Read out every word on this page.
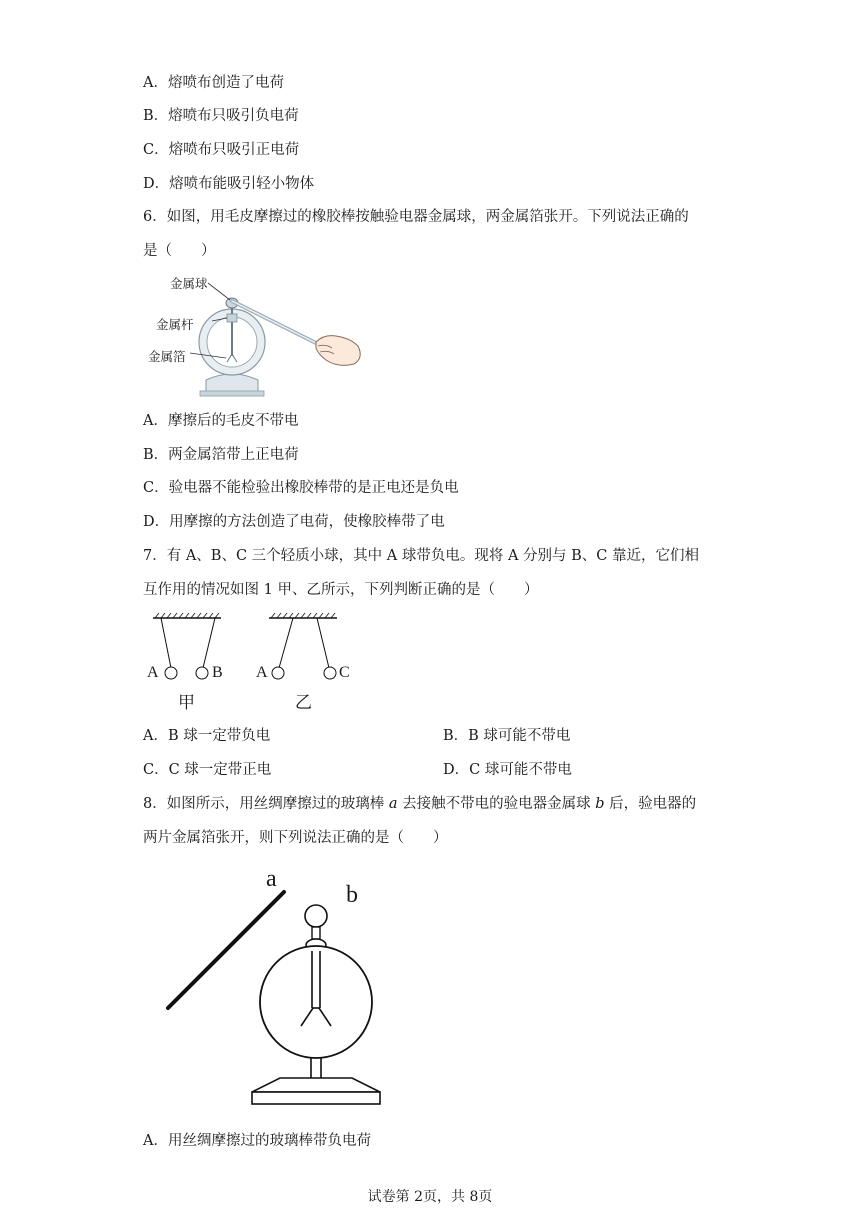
A．熔喷布创造了电荷
B．熔喷布只吸引负电荷
C．熔喷布只吸引正电荷
D．熔喷布能吸引轻小物体
6．如图，用毛皮摩擦过的橡胶棒按触验电器金属球，两金属箔张开。下列说法正确的
是（　　）
金属球
金属杆
金属箔
A．摩擦后的毛皮不带电
B．两金属箔带上正电荷
C．验电器不能检验出橡胶棒带的是正电还是负电
D．用摩擦的方法创造了电荷，使橡胶棒带了电
7．有 A、B、C 三个轻质小球，其中 A 球带负电。现将 A 分别与 B、C 靠近，它们相
互作用的情况如图 1 甲、乙所示，下列判断正确的是（　　）
A	B
甲
A	C
乙
A．B 球一定带负电	B．B 球可能不带电
C．C 球一定带正电	D．C 球可能不带电
8．如图所示，用丝绸摩擦过的玻璃棒 a 去接触不带电的验电器金属球 b 后，验电器的
两片金属箔张开，则下列说法正确的是（　　）
a
b
A．用丝绸摩擦过的玻璃棒带负电荷
试卷第 2页，共 8页
